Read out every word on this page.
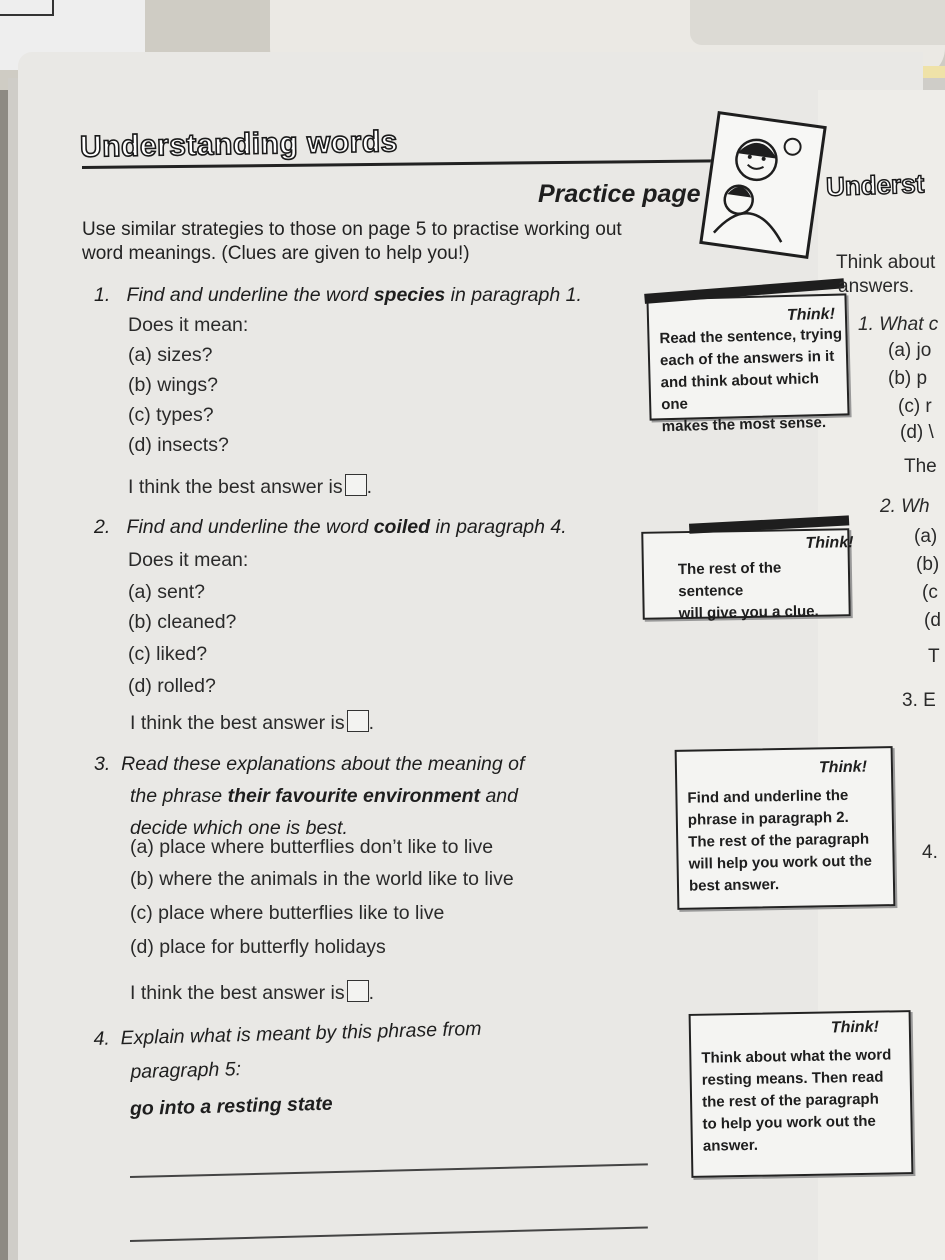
Understanding words
Practice page
Use similar strategies to those on page 5 to practise working out
word meanings. (Clues are given to help you!)
1. Find and underline the word species in paragraph 1.
Does it mean:
(a) sizes?
(b) wings?
(c) types?
(d) insects?
I think the best answer is .
Think!
Read the sentence, trying
each of the answers in it
and think about which one
makes the most sense.
2. Find and underline the word coiled in paragraph 4.
Does it mean:
(a) sent?
(b) cleaned?
(c) liked?
(d) rolled?
I think the best answer is .
Think!
The rest of the sentence
will give you a clue.
3. Read these explanations about the meaning of
the phrase their favourite environment and
decide which one is best.
(a) place where butterflies don’t like to live
(b) where the animals in the world like to live
(c) place where butterflies like to live
(d) place for butterfly holidays
I think the best answer is .
Think!
Find and underline the
phrase in paragraph 2.
The rest of the paragraph
will help you work out the
best answer.
4. Explain what is meant by this phrase from
paragraph 5:
go into a resting state
Think!
Think about what the word
resting means. Then read
the rest of the paragraph
to help you work out the
answer.
Underst
Think about
answers.
1. What c
(a) jo
(b) p
(c) r
(d) \
The
2. Wh
(a)
(b)
(c
(d
T
3. E
4.
